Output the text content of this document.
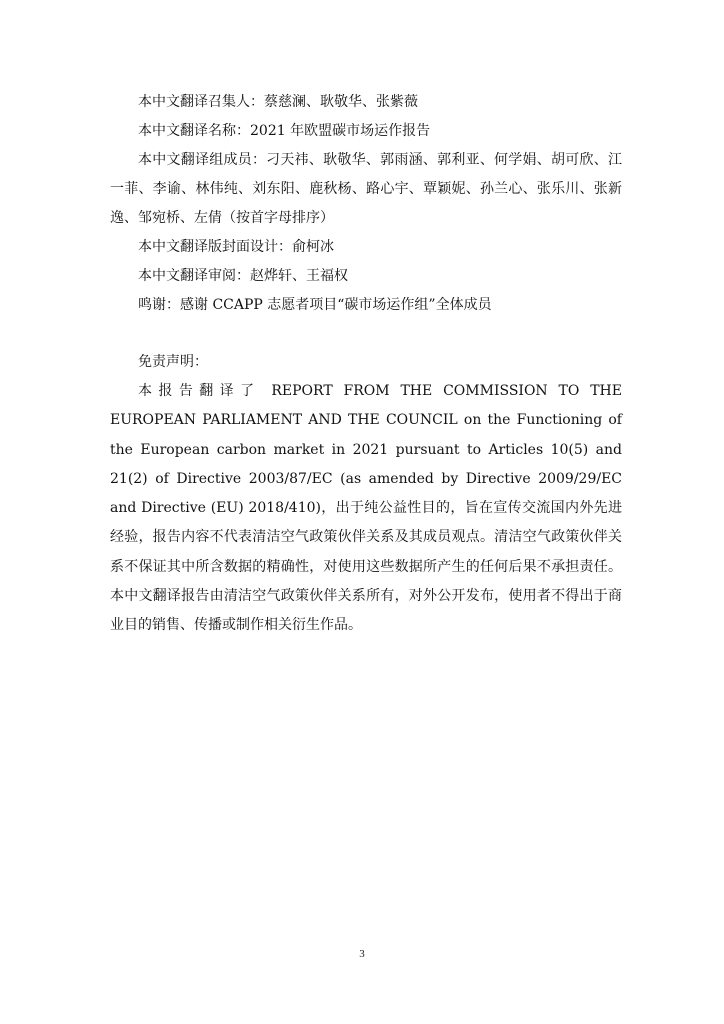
本中文翻译召集人：蔡慈澜、耿敬华、张紫薇
本中文翻译名称：2021 年欧盟碳市场运作报告

本中文翻译组成员：刁天祎、耿敬华、郭雨涵、郭利亚、何学娟、胡可欣、江一菲、李谕、林伟纯、刘东阳、鹿秋杨、路心宇、覃颖妮、孙兰心、张乐川、张新逸、邹宛桥、左倩（按首字母排序）

本中文翻译版封面设计：俞柯冰
本中文翻译审阅：赵烨轩、王福权
鸣谢：感谢 CCAPP 志愿者项目“碳市场运作组”全体成员
免责声明：

本报告翻译了 REPORT FROM THE COMMISSION TO THE EUROPEAN PARLIAMENT AND THE COUNCIL on the Functioning of the European carbon market in 2021 pursuant to Articles 10(5) and 21(2) of Directive 2003/87/EC (as amended by Directive 2009/29/EC and Directive (EU) 2018/410)，出于纯公益性目的，旨在宣传交流国内外先进经验，报告内容不代表清洁空气政策伙伴关系及其成员观点。清洁空气政策伙伴关系不保证其中所含数据的精确性，对使用这些数据所产生的任何后果不承担责任。本中文翻译报告由清洁空气政策伙伴关系所有，对外公开发布，使用者不得出于商业目的销售、传播或制作相关衍生作品。

3
